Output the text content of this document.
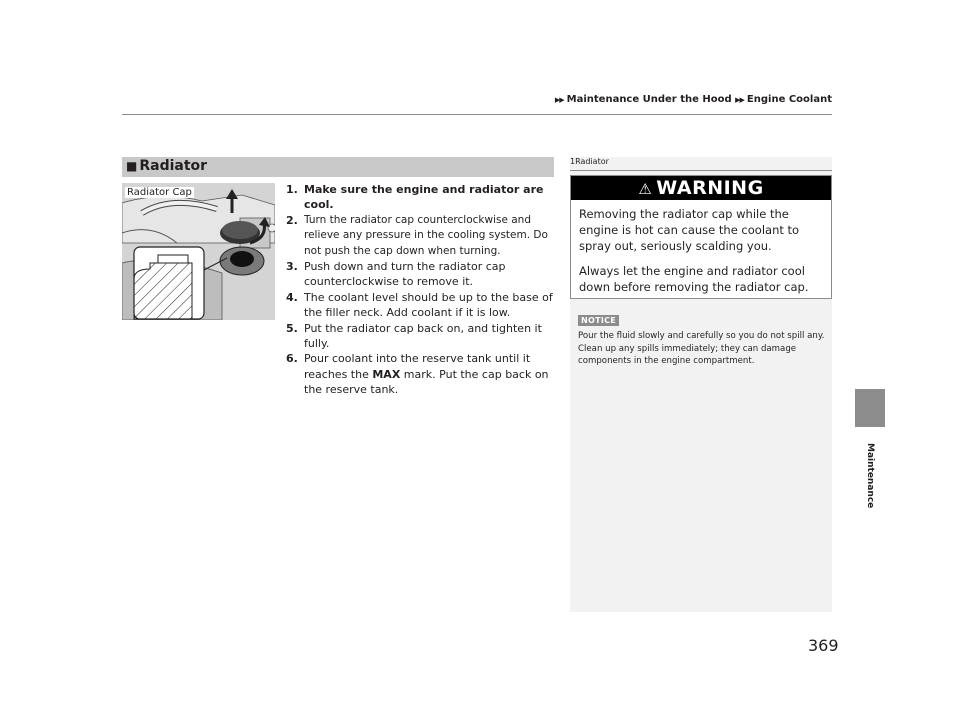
▶▶ Maintenance Under the Hood ▶▶ Engine Coolant
Maintenance
■ Radiator
Radiator Cap	1. Make sure the engine and radiator are cool.
2. Turn the radiator cap counterclockwise and relieve any pressure in the cooling system. Do not push the cap down when turning.
3. Push down and turn the radiator cap counterclockwise to remove it.
4. The coolant level should be up to the base of the filler neck. Add coolant if it is low.
5. Put the radiator cap back on, and tighten it fully.
6. Pour coolant into the reserve tank until it reaches the MAX mark. Put the cap back on the reserve tank.
1Radiator
⚠ WARNING

Removing the radiator cap while the engine is hot can cause the coolant to spray out, seriously scalding you.

Always let the engine and radiator cool down before removing the radiator cap.

NOTICE
Pour the fluid slowly and carefully so you do not spill any. Clean up any spills immediately; they can damage components in the engine compartment.
369
